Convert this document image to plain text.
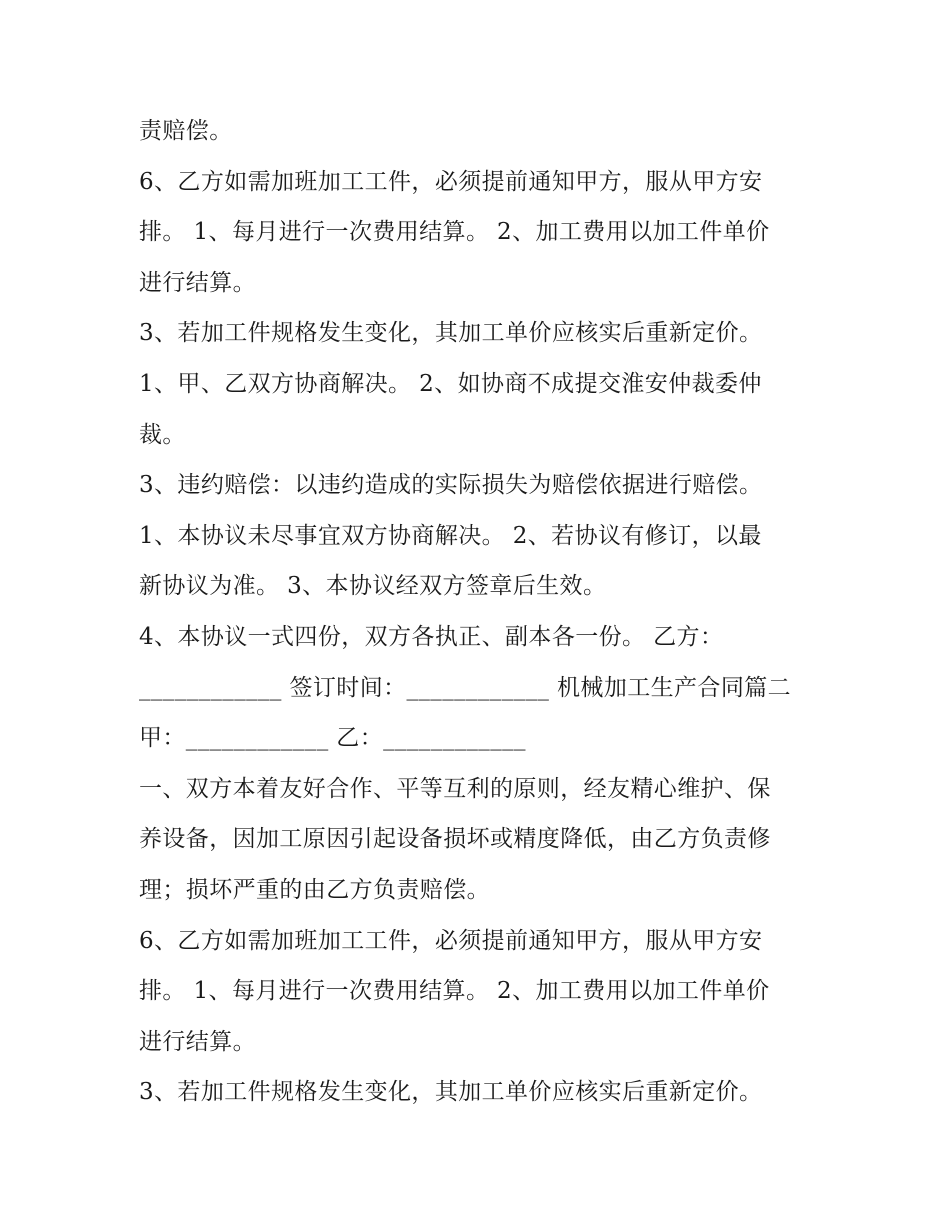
责赔偿。
6、乙方如需加班加工工件，必须提前通知甲方，服从甲方安
排。 1、每月进行一次费用结算。 2、加工费用以加工件单价
进行结算。
3、若加工件规格发生变化，其加工单价应核实后重新定价。
1、甲、乙双方协商解决。 2、如协商不成提交淮安仲裁委仲
裁。
3、违约赔偿：以违约造成的实际损失为赔偿依据进行赔偿。
1、本协议未尽事宜双方协商解决。 2、若协议有修订，以最
新协议为准。 3、本协议经双方签章后生效。
4、本协议一式四份，双方各执正、副本各一份。 乙方：
____________ 签订时间：____________ 机械加工生产合同篇二
甲：____________ 乙：____________
一、双方本着友好合作、平等互利的原则，经友精心维护、保
养设备，因加工原因引起设备损坏或精度降低，由乙方负责修
理；损坏严重的由乙方负责赔偿。
6、乙方如需加班加工工件，必须提前通知甲方，服从甲方安
排。 1、每月进行一次费用结算。 2、加工费用以加工件单价
进行结算。
3、若加工件规格发生变化，其加工单价应核实后重新定价。
